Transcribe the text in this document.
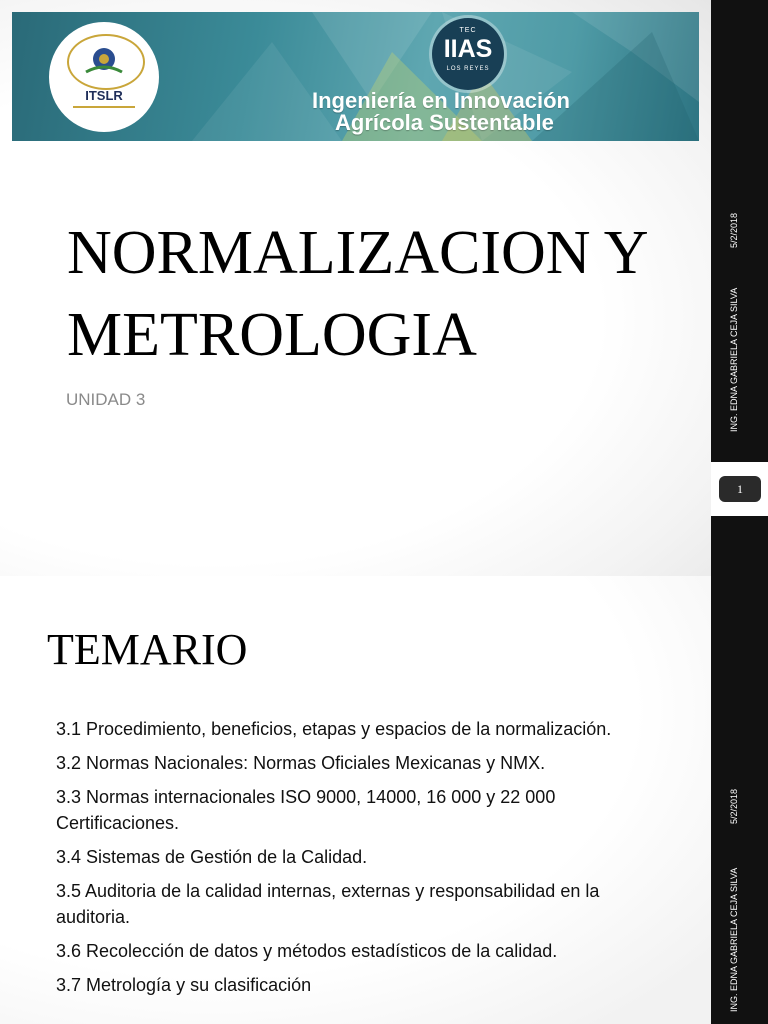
ITSLR
TEC
IIAS
LOS REYES
Ingeniería en Innovación
Agrícola Sustentable
NORMALIZACION Y METROLOGIA
UNIDAD 3
5/2/2018
ING. EDNA GABRIELA CEJA SILVA
1
TEMARIO
3.1 Procedimiento, beneficios, etapas y espacios de la normalización.
3.2 Normas Nacionales: Normas Oficiales Mexicanas y NMX.
3.3 Normas internacionales ISO 9000, 14000, 16 000 y 22 000 Certificaciones.
3.4 Sistemas de Gestión de la Calidad.
3.5 Auditoria de la calidad internas, externas y responsabilidad en la auditoria.
3.6 Recolección de datos y métodos estadísticos de la calidad.
3.7 Metrología y su clasificación
5/2/2018
ING. EDNA GABRIELA CEJA SILVA
